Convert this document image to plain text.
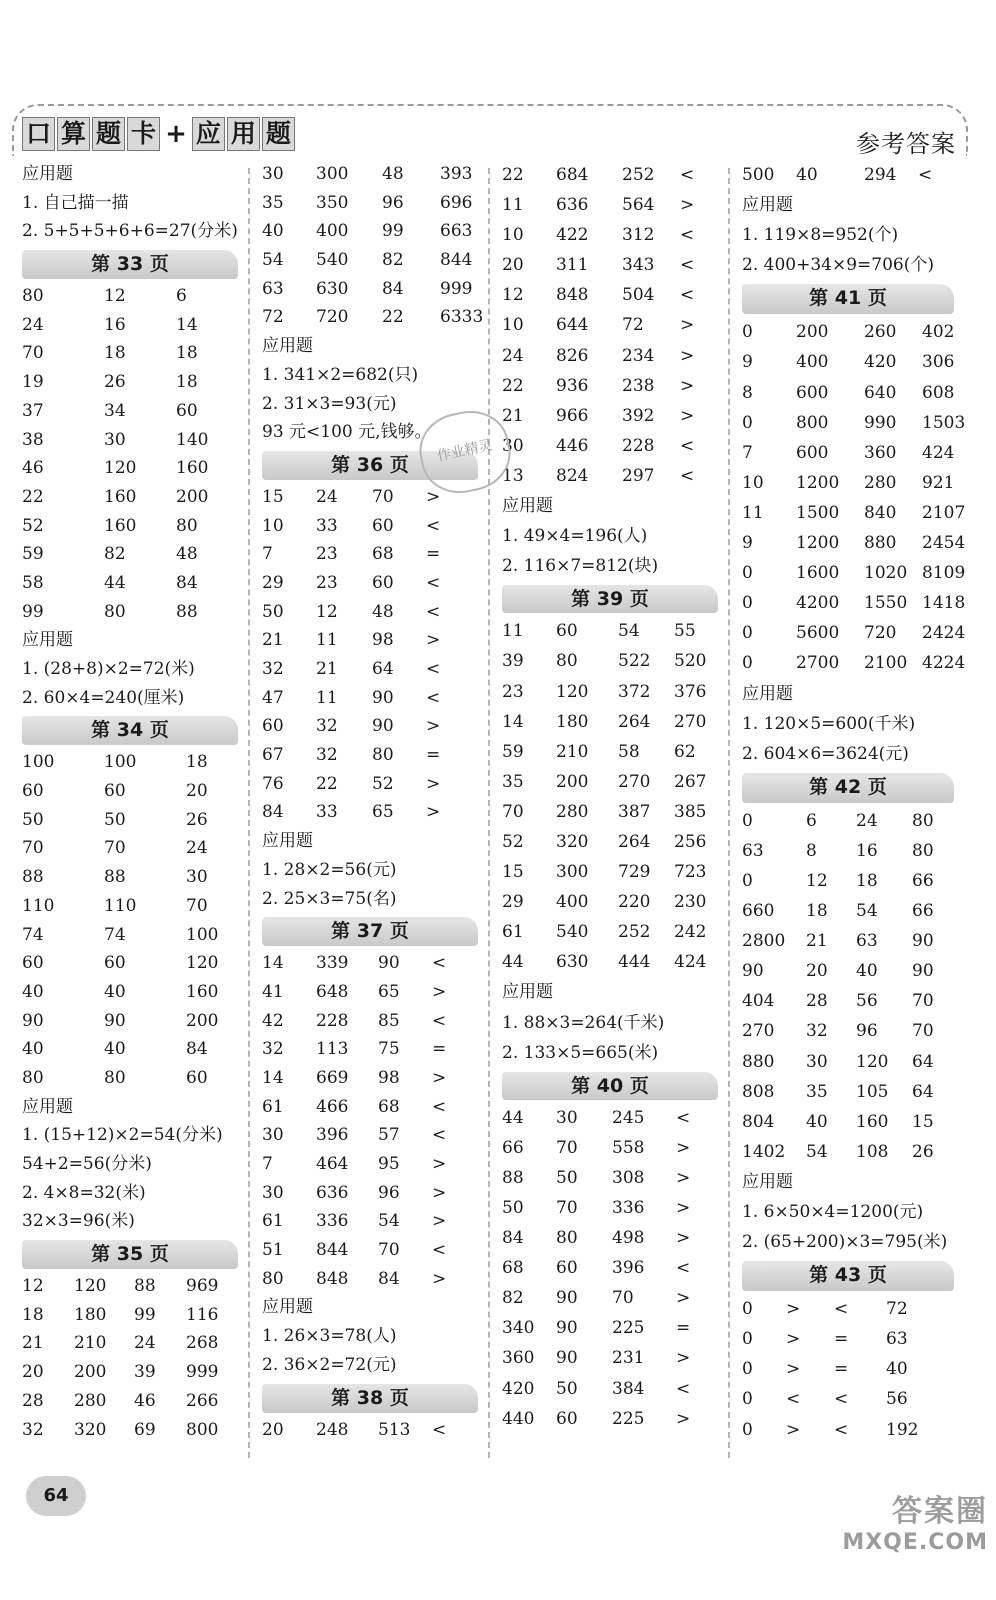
口 算 题 卡 + 应 用 题	参考答案
应用题
1. 自己描一描
2. 5+5+5+6+6=27(分米)
第 33 页
80	12	6
24	16	14
70	18	18
19	26	18
37	34	60
38	30	140
46	120	160
22	160	200
52	160	80
59	82	48
58	44	84
99	80	88
应用题
1. (28+8)×2=72(米)
2. 60×4=240(厘米)
第 34 页
100	100	18
60	60	20
50	50	26
70	70	24
88	88	30
110	110	70
74	74	100
60	60	120
40	40	160
90	90	200
40	40	84
80	80	60
应用题
1. (15+12)×2=54(分米)
54+2=56(分米)
2. 4×8=32(米)
32×3=96(米)
第 35 页
12	120	88	969
18	180	99	116
21	210	24	268
20	200	39	999
28	280	46	266
32	320	69	800
30	300	48	393
35	350	96	696
40	400	99	663
54	540	82	844
63	630	84	999
72	720	22	6333
应用题
1. 341×2=682(只)
2. 31×3=93(元)
93 元<100 元,钱够。
第 36 页
15	24	70	>
10	33	60	<
7	23	68	=
29	23	60	<
50	12	48	<
21	11	98	>
32	21	64	<
47	11	90	<
60	32	90	>
67	32	80	=
76	22	52	>
84	33	65	>
应用题
1. 28×2=56(元)
2. 25×3=75(名)
第 37 页
14	339	90	<
41	648	65	>
42	228	85	<
32	113	75	=
14	669	98	>
61	466	68	<
30	396	57	<
7	464	95	>
30	636	96	>
61	336	54	>
51	844	70	<
80	848	84	>
应用题
1. 26×3=78(人)
2. 36×2=72(元)
第 38 页
20	248	513	<
22	684	252	<
11	636	564	>
10	422	312	<
20	311	343	<
12	848	504	<
10	644	72	>
24	826	234	>
22	936	238	>
21	966	392	>
30	446	228	<
13	824	297	<
应用题
1. 49×4=196(人)
2. 116×7=812(块)
第 39 页
11	60	54	55
39	80	522	520
23	120	372	376
14	180	264	270
59	210	58	62
35	200	270	267
70	280	387	385
52	320	264	256
15	300	729	723
29	400	220	230
61	540	252	242
44	630	444	424
应用题
1. 88×3=264(千米)
2. 133×5=665(米)
第 40 页
44	30	245	<
66	70	558	>
88	50	308	>
50	70	336	>
84	80	498	>
68	60	396	<
82	90	70	>
340	90	225	=
360	90	231	>
420	50	384	<
440	60	225	>
500	40	294	<
应用题
1. 119×8=952(个)
2. 400+34×9=706(个)
第 41 页
0	200	260	402
9	400	420	306
8	600	640	608
0	800	990	1503
7	600	360	424
10	1200	280	921
11	1500	840	2107
9	1200	880	2454
0	1600	1020 8109
0	4200	1550 1418
0	5600	720	2424
0	2700	2100 4224
应用题
1. 120×5=600(千米)
2. 604×6=3624(元)
第 42 页
0	6	24	80
63	8	16	80
0	12	18	66
660	18	54	66
2800	21	63	90
90	20	40	90
404	28	56	70
270	32	96	70
880	30	120	64
808	35	105	64
804	40	160	15
1402	54	108	26
应用题
1. 6×50×4=1200(元)
2. (65+200)×3=795(米)
第 43 页
0	>	<	72
0	>	=	63
0	>	=	40
0	<	<	56
0	>	<	192
作业精灵
64	答案圈
MXQE.COM
